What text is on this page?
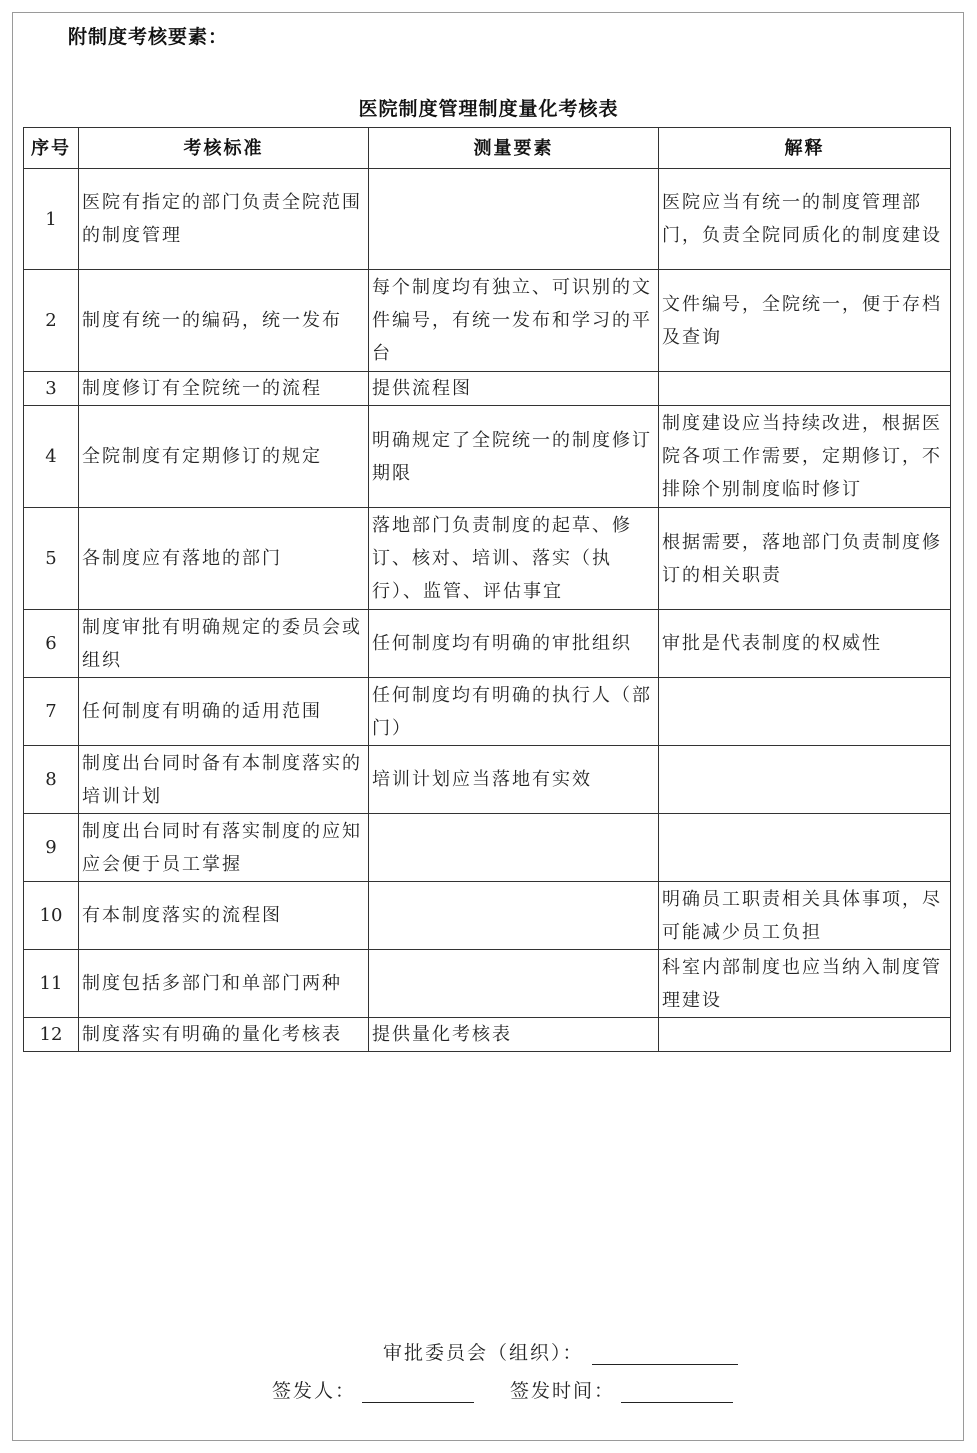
附制度考核要素：
医院制度管理制度量化考核表
序号	考核标准	测量要素	解释
1	医院有指定的部门负责全院范围的制度管理		医院应当有统一的制度管理部门，负责全院同质化的制度建设
2	制度有统一的编码，统一发布	每个制度均有独立、可识别的文件编号，有统一发布和学习的平台	文件编号，全院统一，便于存档及查询
3	制度修订有全院统一的流程	提供流程图	
4	全院制度有定期修订的规定	明确规定了全院统一的制度修订期限	制度建设应当持续改进，根据医院各项工作需要，定期修订，不排除个别制度临时修订
5	各制度应有落地的部门	落地部门负责制度的起草、修订、核对、培训、落实（执行）、监管、评估事宜	根据需要，落地部门负责制度修订的相关职责
6	制度审批有明确规定的委员会或组织	任何制度均有明确的审批组织	审批是代表制度的权威性
7	任何制度有明确的适用范围	任何制度均有明确的执行人（部门）	
8	制度出台同时备有本制度落实的培训计划	培训计划应当落地有实效	
9	制度出台同时有落实制度的应知应会便于员工掌握		
10	有本制度落实的流程图		明确员工职责相关具体事项，尽可能减少员工负担
11	制度包括多部门和单部门两种		科室内部制度也应当纳入制度管理建设
12	制度落实有明确的量化考核表	提供量化考核表	
审批委员会（组织）：
签发人：	签发时间：
